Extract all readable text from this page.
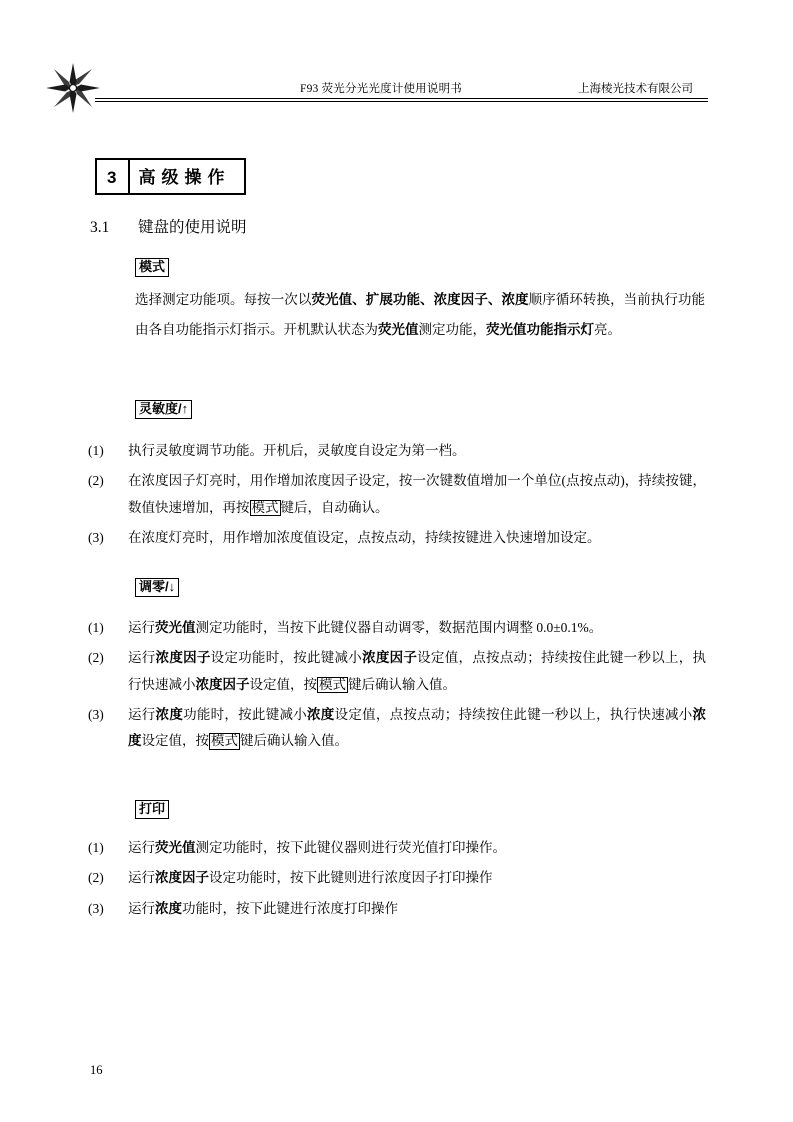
F93 荧光分光光度计使用说明书	上海棱光技术有限公司
3 高级操作
3.1 键盘的使用说明
模式
选择测定功能项。每按一次以荧光值、扩展功能、浓度因子、浓度顺序循环转换，当前执行功能由各自功能指示灯指示。开机默认状态为荧光值测定功能，荧光值功能指示灯亮。
灵敏度/↑
(1)	执行灵敏度调节功能。开机后，灵敏度自设定为第一档。
(2)	在浓度因子灯亮时，用作增加浓度因子设定，按一次键数值增加一个单位(点按点动)，持续按键，数值快速增加，再按 模式 键后，自动确认。
(3)	在浓度灯亮时，用作增加浓度值设定，点按点动，持续按键进入快速增加设定。
调零/↓
(1)	运行荧光值测定功能时，当按下此键仪器自动调零，数据范围内调整 0.0±0.1%。
(2)	运行浓度因子设定功能时，按此键减小浓度因子设定值，点按点动；持续按住此键一秒以上，执行快速减小浓度因子设定值，按 模式 键后确认输入值。
(3)	运行浓度功能时，按此键减小浓度设定值，点按点动；持续按住此键一秒以上，执行快速减小浓度设定值，按 模式 键后确认输入值。
打印
(1)	运行荧光值测定功能时，按下此键仪器则进行荧光值打印操作。
(2)	运行浓度因子设定功能时，按下此键则进行浓度因子打印操作
(3)	运行浓度功能时，按下此键进行浓度打印操作
16
